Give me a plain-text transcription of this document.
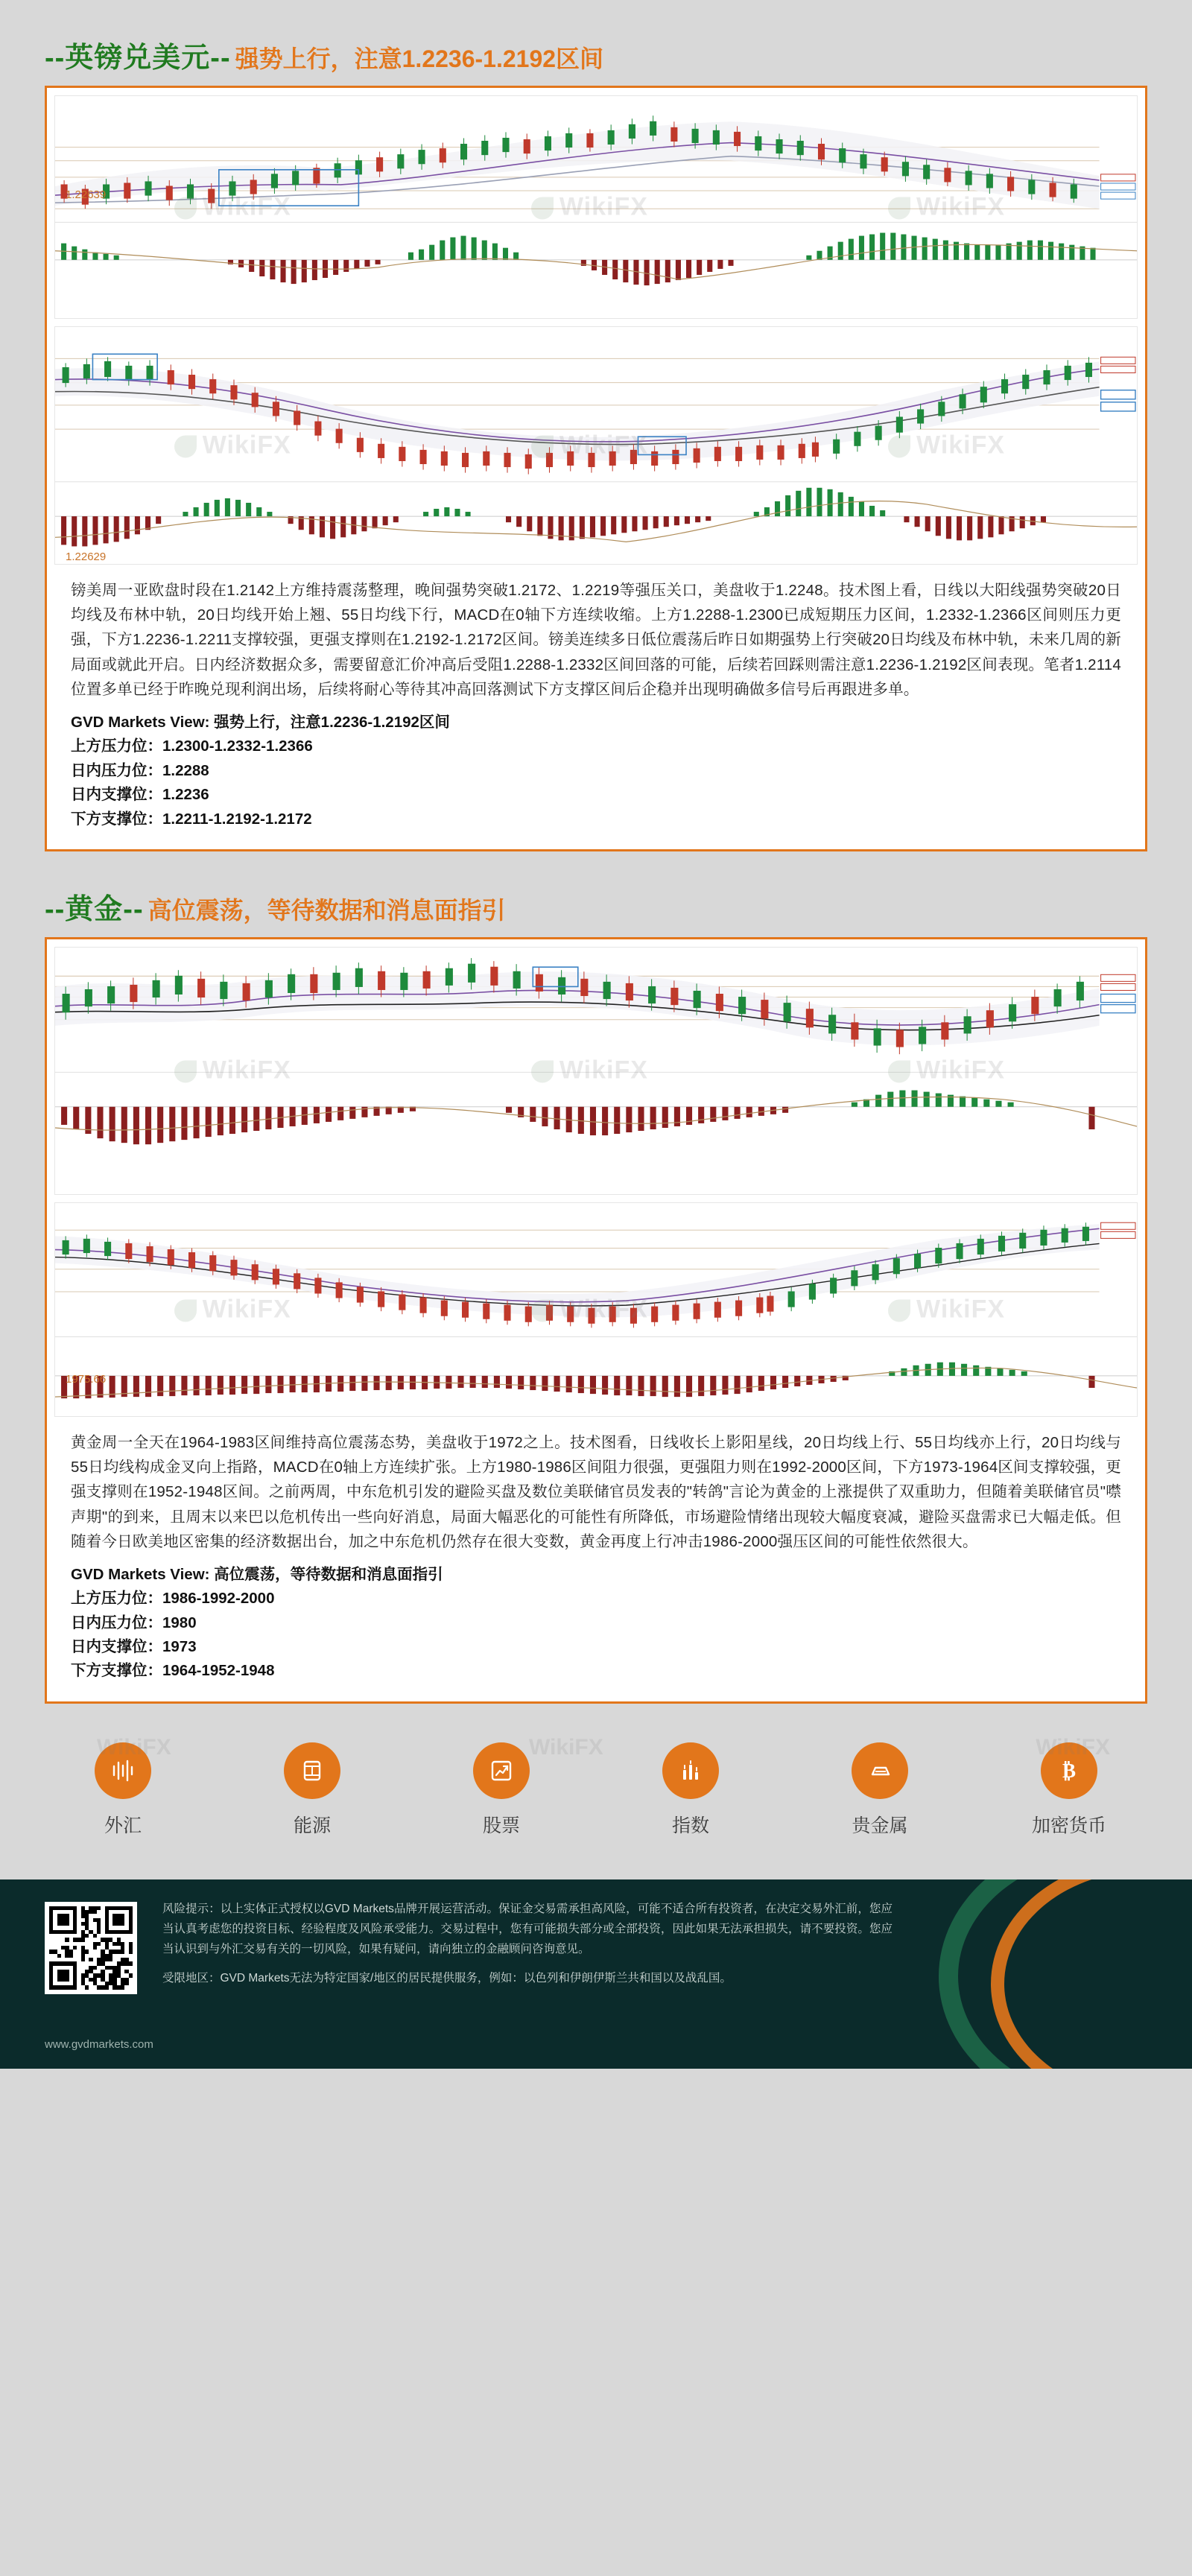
--英镑兑美元-- 强势上行，注意1.2236-1.2192区间
1.22639
1.22629
镑美周一亚欧盘时段在1.2142上方维持震荡整理，晚间强势突破1.2172、1.2219等强压关口，美盘收于1.2248。技术图上看，日线以大阳线强势突破20日均线及布林中轨，20日均线开始上翘、55日均线下行，MACD在0轴下方连续收缩。上方1.2288-1.2300已成短期压力区间，1.2332-1.2366区间则压力更强，下方1.2236-1.2211支撑较强，更强支撑则在1.2192-1.2172区间。镑美连续多日低位震荡后昨日如期强势上行突破20日均线及布林中轨，未来几周的新局面或就此开启。日内经济数据众多，需要留意汇价冲高后受阻1.2288-1.2332区间回落的可能，后续若回踩则需注意1.2236-1.2192区间表现。笔者1.2114位置多单已经于昨晚兑现利润出场，后续将耐心等待其冲高回落测试下方支撑区间后企稳并出现明确做多信号后再跟进多单。
GVD Markets View: 强势上行，注意1.2236-1.2192区间
上方压力位：1.2300-1.2332-1.2366
日内压力位：1.2288
日内支撑位：1.2236
下方支撑位：1.2211-1.2192-1.2172
--黄金-- 高位震荡，等待数据和消息面指引
1975.66
黄金周一全天在1964-1983区间维持高位震荡态势，美盘收于1972之上。技术图看，日线收长上影阳星线，20日均线上行、55日均线亦上行，20日均线与55日均线构成金叉向上指路，MACD在0轴上方连续扩张。上方1980-1986区间阻力很强，更强阻力则在1992-2000区间，下方1973-1964区间支撑较强，更强支撑则在1952-1948区间。之前两周，中东危机引发的避险买盘及数位美联储官员发表的"转鸽"言论为黄金的上涨提供了双重助力，但随着美联储官员"噤声期"的到来，且周末以来巴以危机传出一些向好消息，局面大幅恶化的可能性有所降低，市场避险情绪出现较大幅度衰减，避险买盘需求已大幅走低。但随着今日欧美地区密集的经济数据出台，加之中东危机仍然存在很大变数，黄金再度上行冲击1986-2000强压区间的可能性依然很大。
GVD Markets View: 高位震荡，等待数据和消息面指引
上方压力位：1986-1992-2000
日内压力位：1980
日内支撑位：1973
下方支撑位：1964-1952-1948
WikiFX	WikiFX	WikiFX
外汇	能源	股票	指数	贵金属
₿
加密货币
风险提示：以上实体正式授权以GVD Markets品牌开展运营活动。保证金交易需承担高风险，可能不适合所有投资者，在决定交易外汇前，您应当认真考虑您的投资目标、经验程度及风险承受能力。交易过程中，您有可能损失部分或全部投资，因此如果无法承担损失，请不要投资。您应当认识到与外汇交易有关的一切风险，如果有疑问，请向独立的金融顾问咨询意见。
受限地区：GVD Markets无法为特定国家/地区的居民提供服务，例如：以色列和伊朗伊斯兰共和国以及战乱国。
www.gvdmarkets.com
